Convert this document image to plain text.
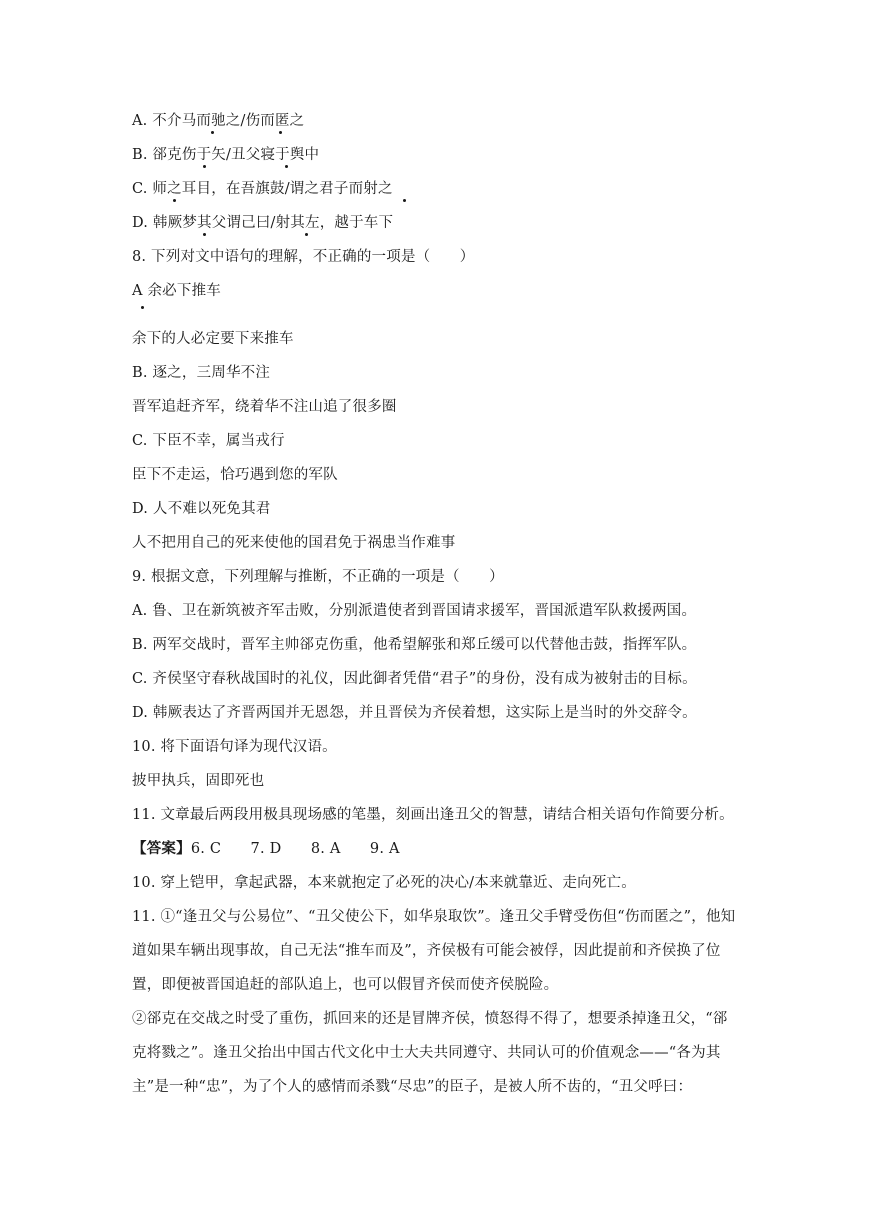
A. 不介马而驰之/伤而匿之
B. 郤克伤于矢/丑父寝于舆中
C. 师之耳目，在吾旗鼓/谓之君子而射之
D. 韩厥梦其父谓己曰/射其左，越于车下
8. 下列对文中语句的理解，不正确的一项是（　　）
A 余必下推车
余下的人必定要下来推车
B. 逐之，三周华不注
晋军追赶齐军，绕着华不注山追了很多圈
C. 下臣不幸，属当戎行
臣下不走运，恰巧遇到您的军队
D. 人不难以死免其君
人不把用自己的死来使他的国君免于祸患当作难事
9. 根据文意，下列理解与推断，不正确的一项是（　　）
A. 鲁、卫在新筑被齐军击败，分别派遣使者到晋国请求援军，晋国派遣军队救援两国。
B. 两军交战时，晋军主帅郤克伤重，他希望解张和郑丘缓可以代替他击鼓，指挥军队。
C. 齐侯坚守春秋战国时的礼仪，因此御者凭借“君子”的身份，没有成为被射击的目标。
D. 韩厥表达了齐晋两国并无恩怨，并且晋侯为齐侯着想，这实际上是当时的外交辞令。
10. 将下面语句译为现代汉语。
披甲执兵，固即死也
11. 文章最后两段用极具现场感的笔墨，刻画出逢丑父的智慧，请结合相关语句作简要分析。
【答案】6. C　　7. D　　8. A　　9. A
10. 穿上铠甲，拿起武器，本来就抱定了必死的决心/本来就靠近、走向死亡。
11. ①“逢丑父与公易位”、“丑父使公下，如华泉取饮”。逢丑父手臂受伤但“伤而匿之”，他知道如果车辆出现事故，自己无法“推车而及”，齐侯极有可能会被俘，因此提前和齐侯换了位置，即便被晋国追赶的部队追上，也可以假冒齐侯而使齐侯脱险。
②郤克在交战之时受了重伤，抓回来的还是冒牌齐侯，愤怒得不得了，想要杀掉逢丑父，“郤克将戮之”。逢丑父抬出中国古代文化中士大夫共同遵守、共同认可的价值观念——“各为其主”是一种“忠”，为了个人的感情而杀戮“尽忠”的臣子，是被人所不齿的，“丑父呼曰：
